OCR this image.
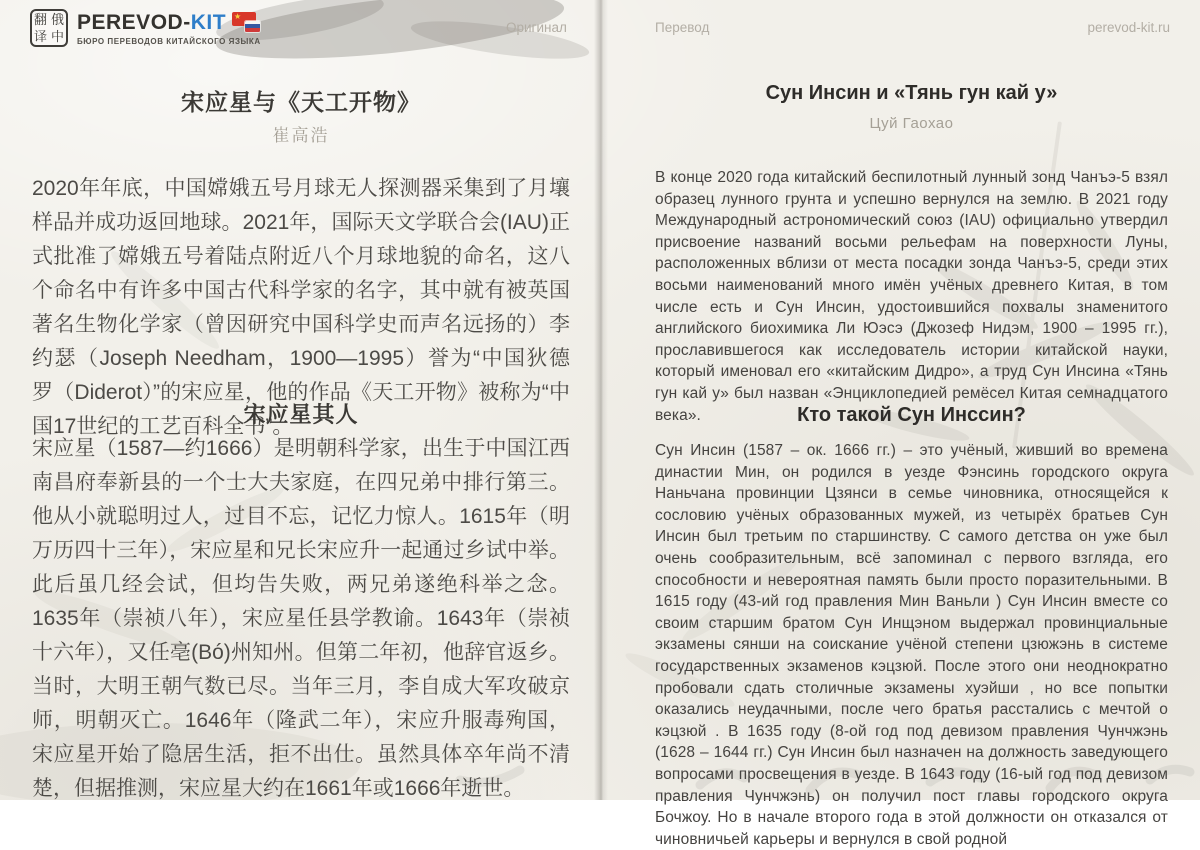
翻 俄
译 中
PEREVOD-KIT ★
БЮРО ПЕРЕВОДОВ КИТАЙСКОГО ЯЗЫКА
Оригинал	Перевод	perevod-kit.ru
宋应星与《天工开物》
崔高浩

2020年年底，中国嫦娥五号月球无人探测器采集到了月壤样品并成功返回地球。2021年，国际天文学联合会(IAU)正式批准了嫦娥五号着陆点附近八个月球地貌的命名，这八个命名中有许多中国古代科学家的名字，其中就有被英国著名生物化学家（曾因研究中国科学史而声名远扬的）李约瑟（Joseph Needham，1900—1995）誉为“中国狄德罗（Diderot）”的宋应星，他的作品《天工开物》被称为“中国17世纪的工艺百科全书”。

宋应星其人

宋应星（1587—约1666）是明朝科学家，出生于中国江西南昌府奉新县的一个士大夫家庭，在四兄弟中排行第三。他从小就聪明过人，过目不忘，记忆力惊人。1615年（明万历四十三年），宋应星和兄长宋应升一起通过乡试中举。此后虽几经会试，但均告失败，两兄弟遂绝科举之念。1635年（崇祯八年），宋应星任县学教谕。1643年（崇祯十六年），又任亳(Bó)州知州。但第二年初，他辞官返乡。当时，大明王朝气数已尽。当年三月，李自成大军攻破京师，明朝灭亡。1646年（隆武二年），宋应升服毒殉国，宋应星开始了隐居生活，拒不出仕。虽然具体卒年尚不清楚，但据推测，宋应星大约在1661年或1666年逝世。

Сун Инсин и «Тянь гун кай у»
Цуй Гаохао

В конце 2020 года китайский беспилотный лунный зонд Чанъэ-5 взял образец лунного грунта и успешно вернулся на землю. В 2021 году Международный астрономический союз (IAU) официально утвердил присвоение названий восьми рельефам на поверхности Луны, расположенных вблизи от места посадки зонда Чанъэ-5, среди этих восьми наименований много имён учёных древнего Китая, в том числе есть и Сун Инсин, удостоившийся похвалы знаменитого английского биохимика Ли Юэсэ (Джозеф Нидэм, 1900 – 1995 гг.), прославившегося как исследователь истории китайской науки, который именовал его «китайским Дидро», а труд Сун Инсина «Тянь гун кай у» был назван «Энциклопедией ремёсел Китая семнадцатого века».	Кто такой Сун Инссин?

Сун Инсин (1587 – ок. 1666 гг.) – это учёный, живший во времена династии Мин, он родился в уезде Фэнсинь городского округа Наньчана провинции Цзянси в семье чиновника, относящейся к сословию учёных образованных мужей, из четырёх братьев Сун Инсин был третьим по старшинству. С самого детства он уже был очень сообразительным, всё запоминал с первого взгляда, его способности и невероятная память были просто поразительными. В 1615 году (43-ий год правления Мин Ваньли ) Сун Инсин вместе со своим старшим братом Сун Инщэном выдержал провинциальные экзамены сянши на соискание учёной степени цзюжэнь в системе государственных экзаменов кэцзюй. После этого они неоднократно пробовали сдать столичные экзамены хуэйши , но все попытки оказались неудачными, после чего братья расстались с мечтой о кэцзюй . В 1635 году (8-ой год под девизом правления Чунчжэнь (1628 – 1644 гг.) Сун Инсин был назначен на должность заведующего вопросами просвещения в уезде. В 1643 году (16-ый год под девизом правления Чунчжэнь) он получил пост главы городского округа Бочжоу. Но в начале второго года в этой должности он отказался от чиновничьей карьеры и вернулся в свой родной
